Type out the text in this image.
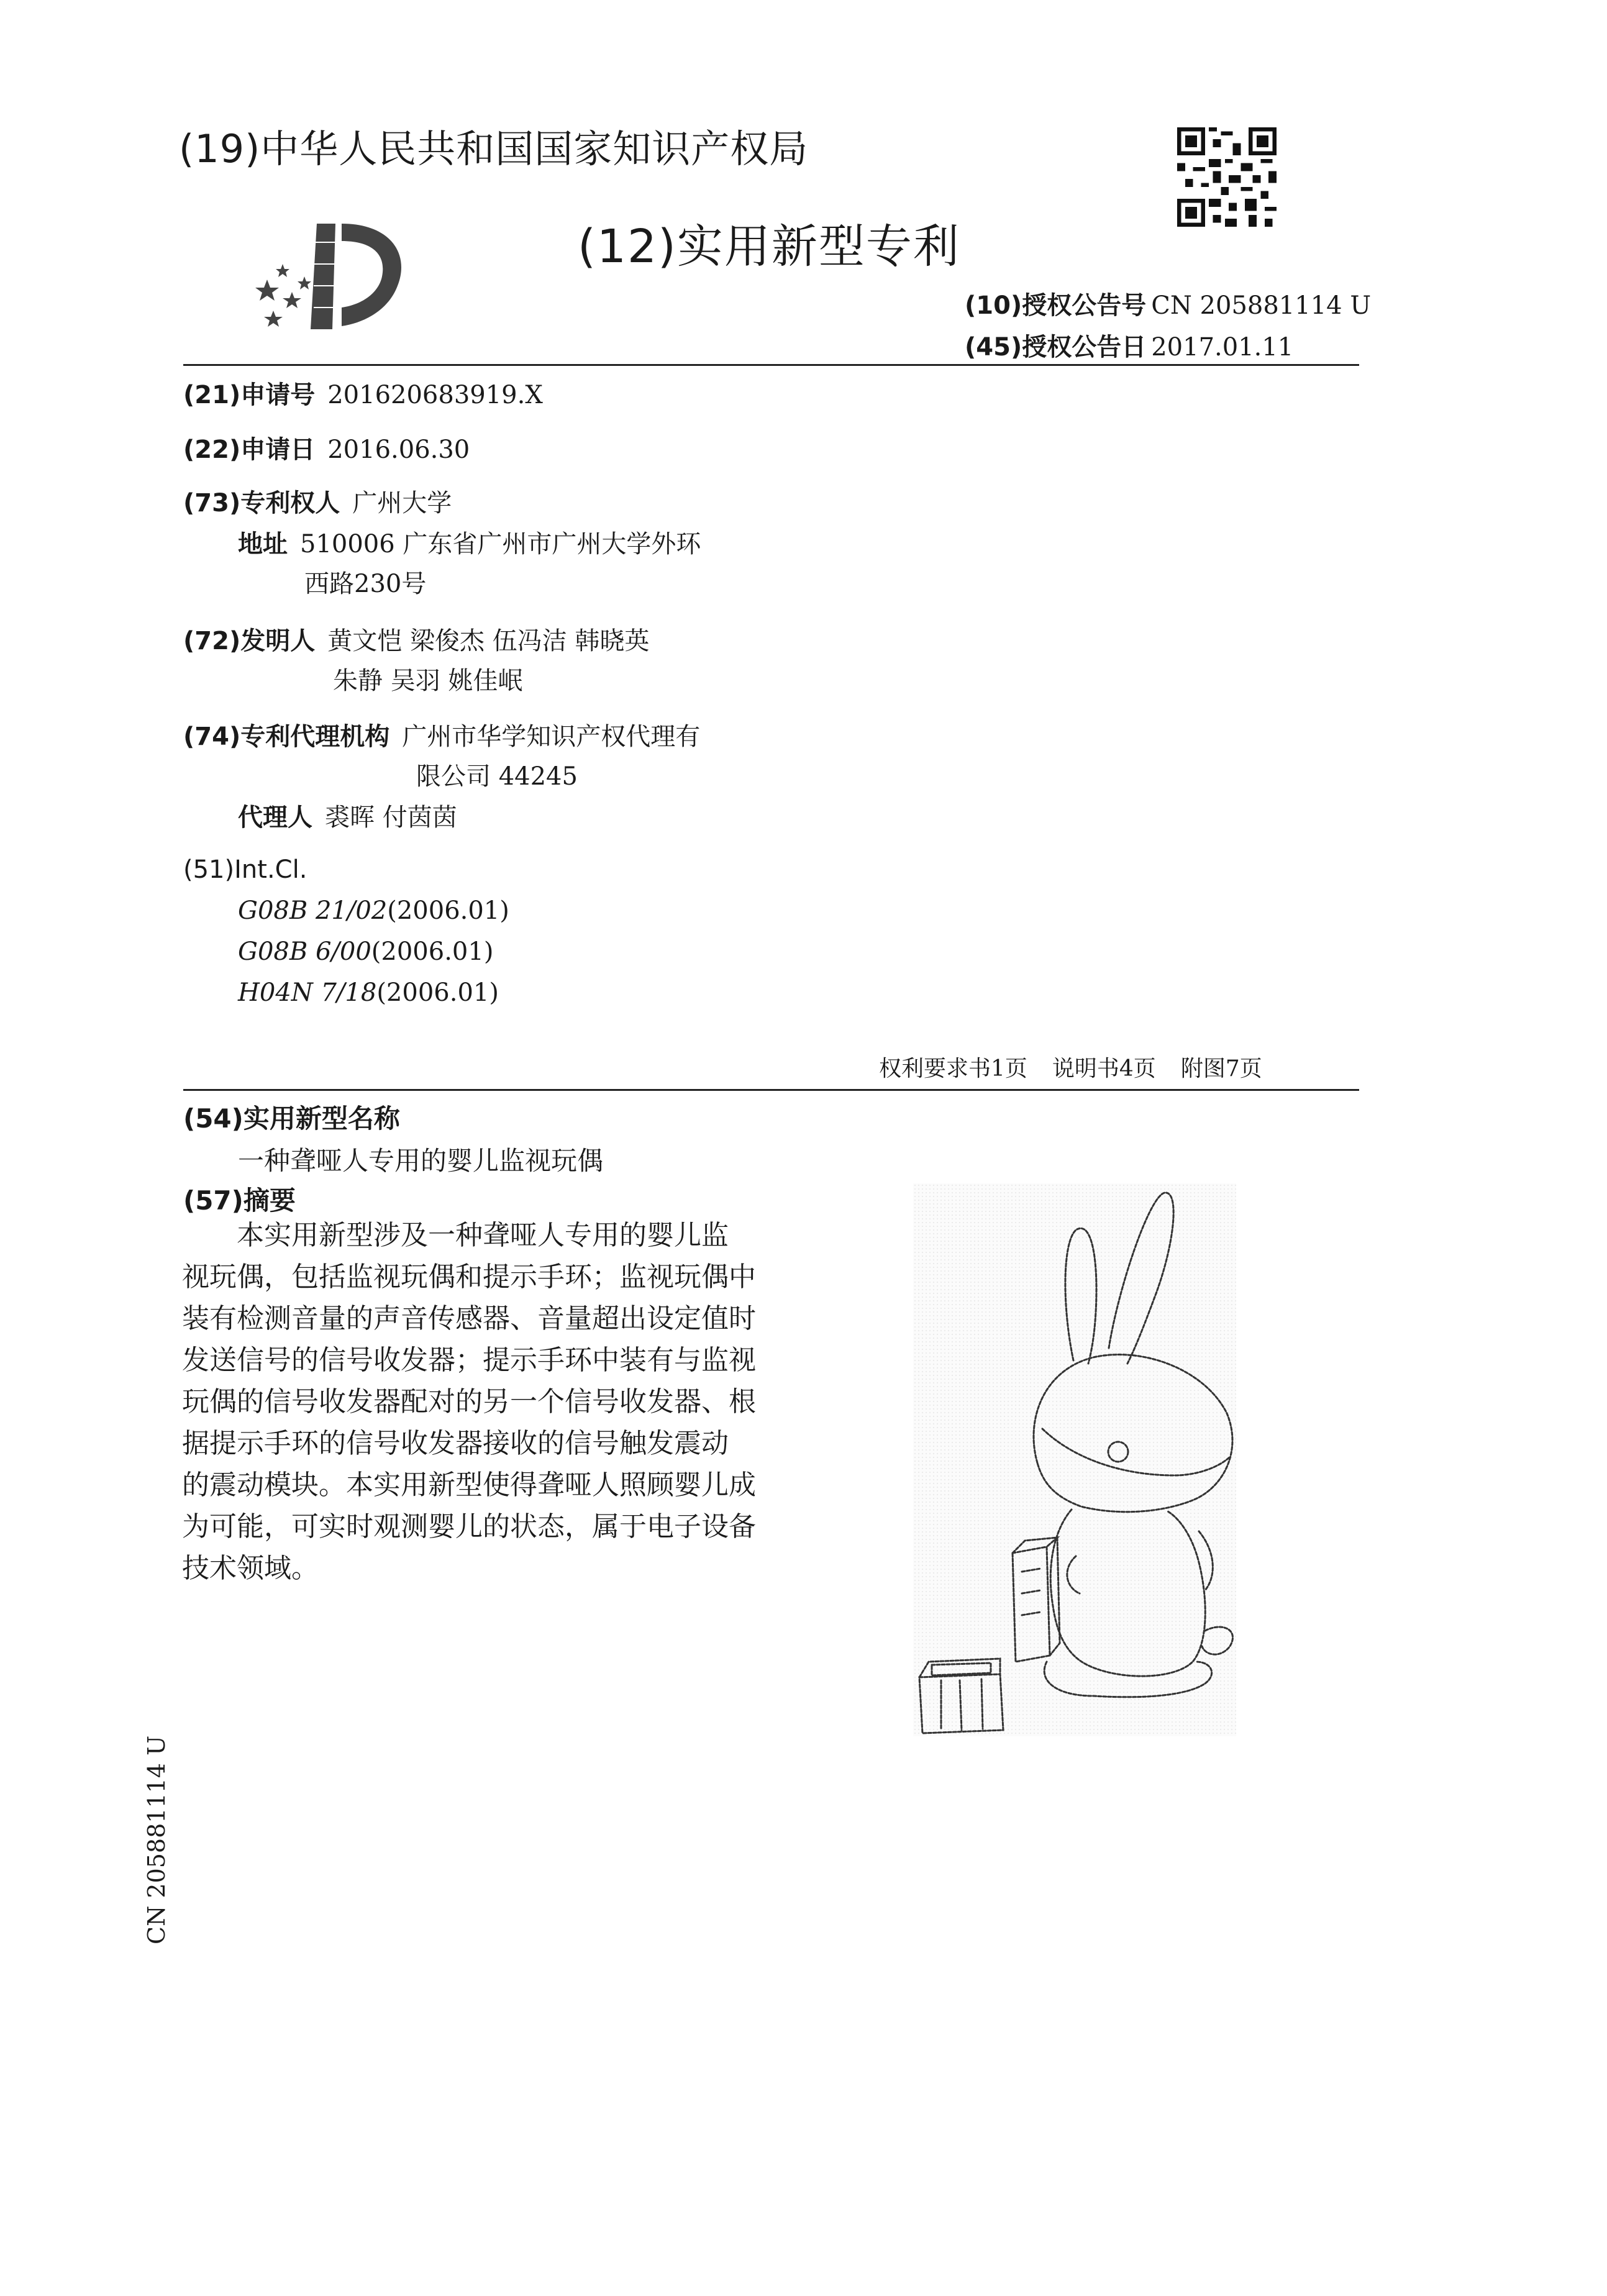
(19)中华人民共和国国家知识产权局
(12)实用新型专利
(10)授权公告号 CN 205881114 U
(45)授权公告日 2017.01.11
(21)申请号 201620683919.X
(22)申请日 2016.06.30
(73)专利权人 广州大学
地址 510006 广东省广州市广州大学外环
西路230号
(72)发明人 黄文恺 梁俊杰 伍冯洁 韩晓英
朱静 吴羽 姚佳岷
(74)专利代理机构 广州市华学知识产权代理有
限公司 44245
代理人 裘晖 付茵茵
(51)Int.Cl.
G08B 21/02(2006.01)
G08B 6/00(2006.01)
H04N 7/18(2006.01)
权利要求书1页 说明书4页 附图7页
(54)实用新型名称
一种聋哑人专用的婴儿监视玩偶
(57)摘要
　　本实用新型涉及一种聋哑人专用的婴儿监
视玩偶，包括监视玩偶和提示手环；监视玩偶中
装有检测音量的声音传感器、音量超出设定值时
发送信号的信号收发器；提示手环中装有与监视
玩偶的信号收发器配对的另一个信号收发器、根
据提示手环的信号收发器接收的信号触发震动
的震动模块。本实用新型使得聋哑人照顾婴儿成
为可能，可实时观测婴儿的状态，属于电子设备
技术领域。
CN 205881114 U
